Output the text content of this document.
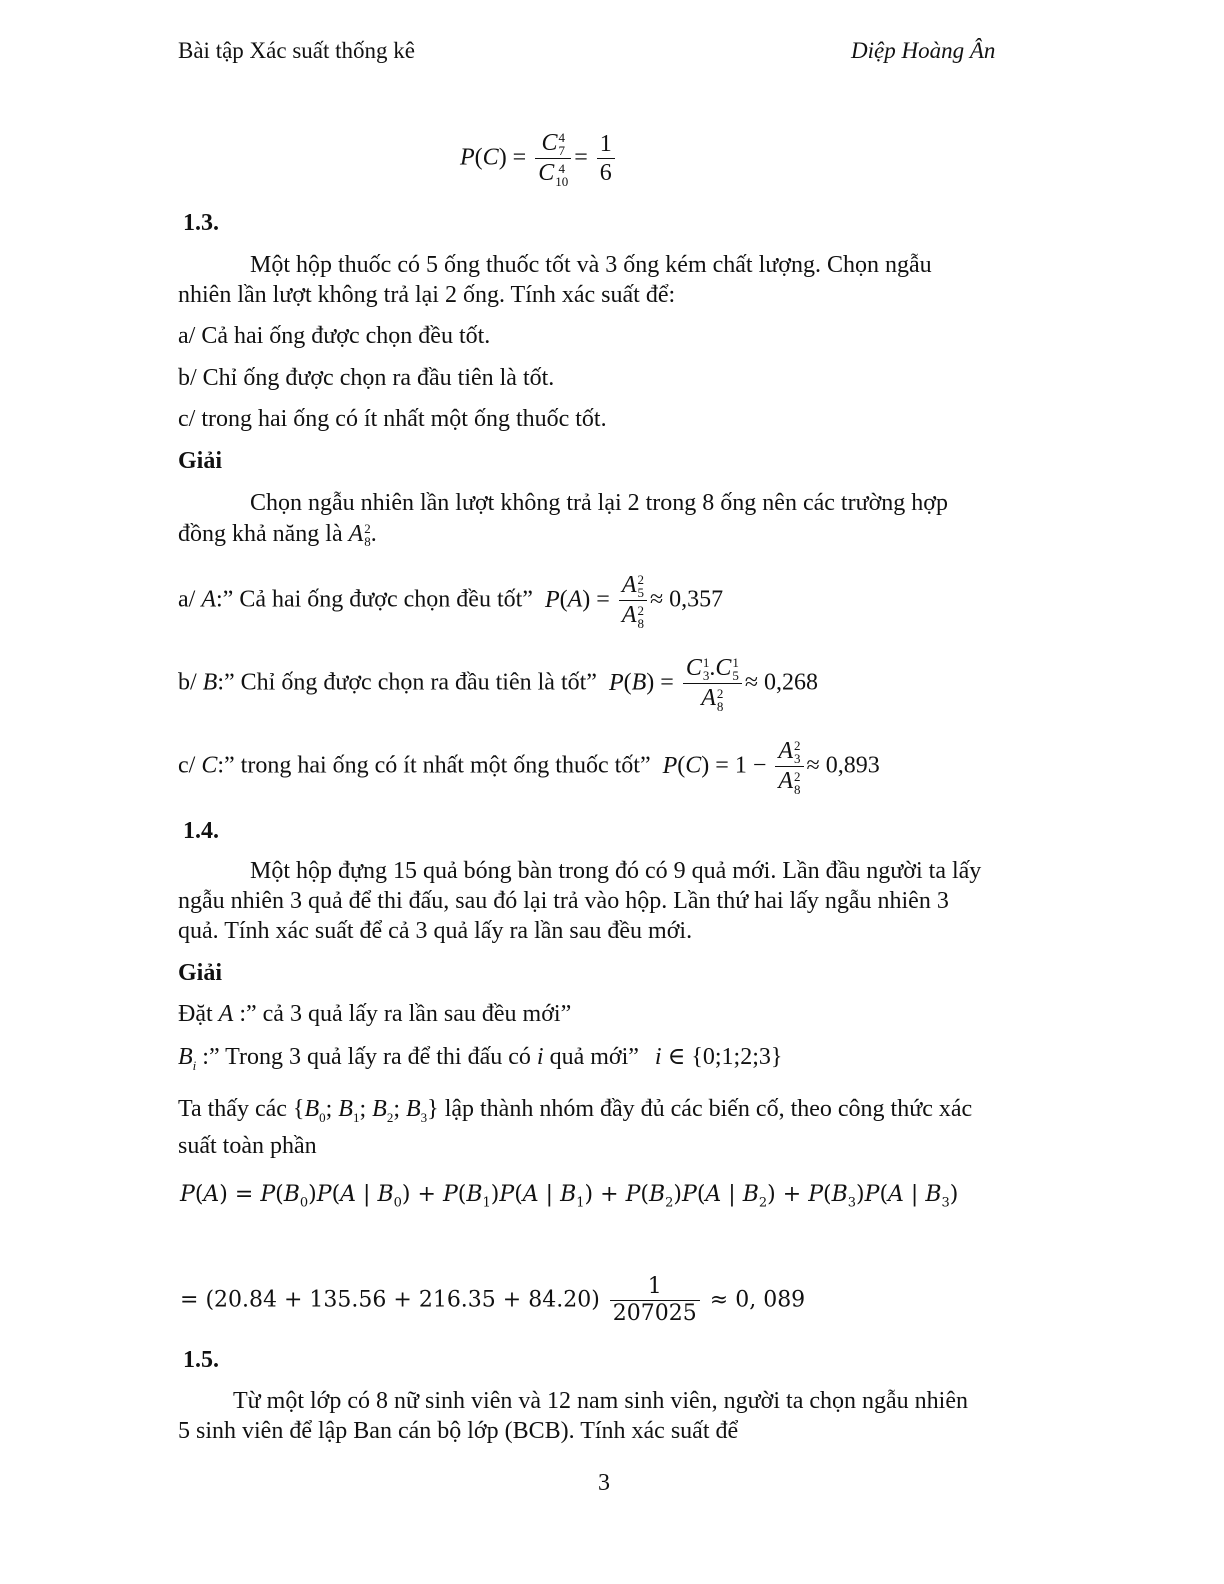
Bài tập Xác suất thống kê	Diệp Hoàng Ân
P(C) = C 4
7
C 4
$10 = \frac{1}{6}$
1.3.
Một hộp thuốc có 5 ống thuốc tốt và 3 ống kém chất lượng. Chọn ngẫu
nhiên lần lượt không trả lại 2 ống. Tính xác suất để:
a/ Cả hai ống được chọn đều tốt.
b/ Chỉ ống được chọn ra đầu tiên là tốt.
c/ trong hai ống có ít nhất một ống thuốc tốt.
Giải
Chọn ngẫu nhiên lần lượt không trả lại 2 trong 8 ống nên các trường hợp
đồng khả năng là A 2
8 .
a/ A:” Cả hai ống được chọn đều tốt” P(A) = A 2
5
A 2
8 ≈ 0,357
b/ B:” Chỉ ống được chọn ra đầu tiên là tốt” P(B) = C 1
3 .C 1
5
A 2
8 ≈ 0,268
c/ C:” trong hai ống có ít nhất một ống thuốc tốt” P(C) = 1 − A 2
3
A 2
8 ≈ 0,893
1.4.
Một hộp đựng 15 quả bóng bàn trong đó có 9 quả mới. Lần đầu người ta lấy
ngẫu nhiên 3 quả để thi đấu, sau đó lại trả vào hộp. Lần thứ hai lấy ngẫu nhiên 3
quả. Tính xác suất để cả 3 quả lấy ra lần sau đều mới.
Giải
Đặt A :” cả 3 quả lấy ra lần sau đều mới”
$B_i$ :” Trong 3 quả lấy ra để thi đấu có i quả mới” i ∈ {0;1;2;3}
Ta thấy các {$B_0$; $B_1$; $B_2$; $B_3$} lập thành nhóm đầy đủ các biến cố, theo công thức xác
suất toàn phần
$P(A) = P(B_0)P(A$ | $B_0) + P(B_1)P(A$ | $B_1) + P(B_2)P(A$ | $B_2) + P(B_3)P(A$ | $B_3$)
= $(20.84 + 135.56 + 216.35 + 84.20) \frac{1}{207025} \approx 0$, 089
1.5.
Từ một lớp có 8 nữ sinh viên và 12 nam sinh viên, người ta chọn ngẫu nhiên
5 sinh viên để lập Ban cán bộ lớp (BCB). Tính xác suất để
3
